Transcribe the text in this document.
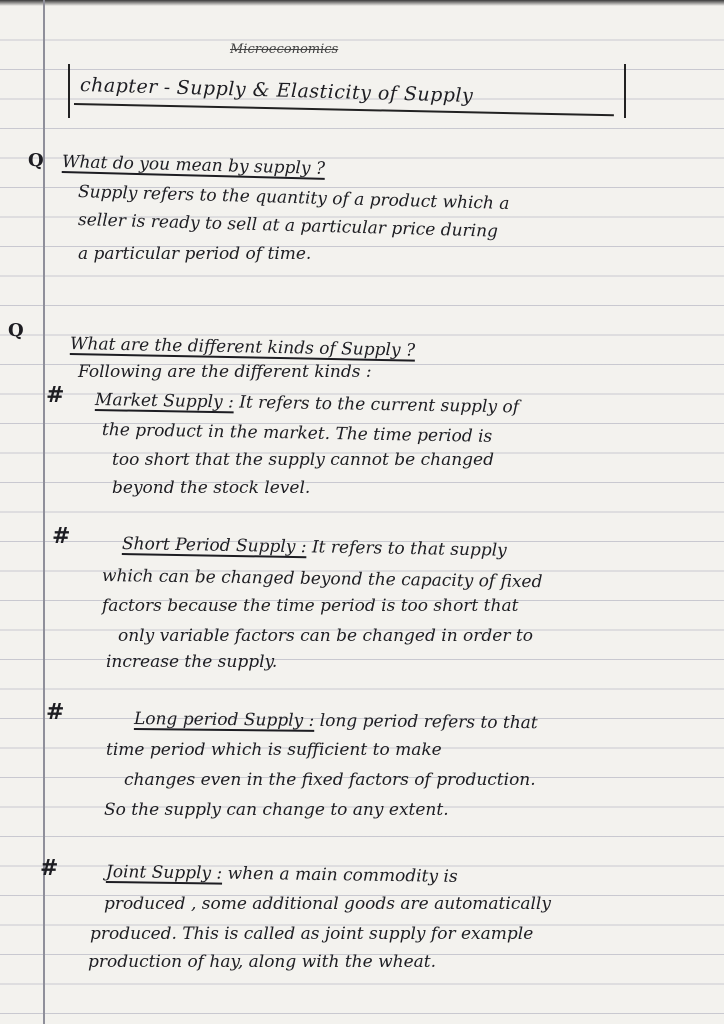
Microeconomics
chapter - Supply & Elasticity of Supply
Q What do you mean by supply ?
Supply refers to the quantity of a product which a
seller is ready to sell at a particular price during
a particular period of time.
Q
What are the different kinds of Supply ?
Following are the different kinds :
# Market Supply : It refers to the current supply of
the product in the market. The time period is
too short that the supply cannot be changed
beyond the stock level.
#	Short Period Supply : It refers to that supply
which can be changed beyond the capacity of fixed
factors because the time period is too short that
only variable factors can be changed in order to
increase the supply.
#	Long period Supply : long period refers to that
time period which is sufficient to make
changes even in the fixed factors of production.
So the supply can change to any extent.
#	Joint Supply : when a main commodity is
produced , some additional goods are automatically
produced. This is called as joint supply for example
production of hay, along with the wheat.
